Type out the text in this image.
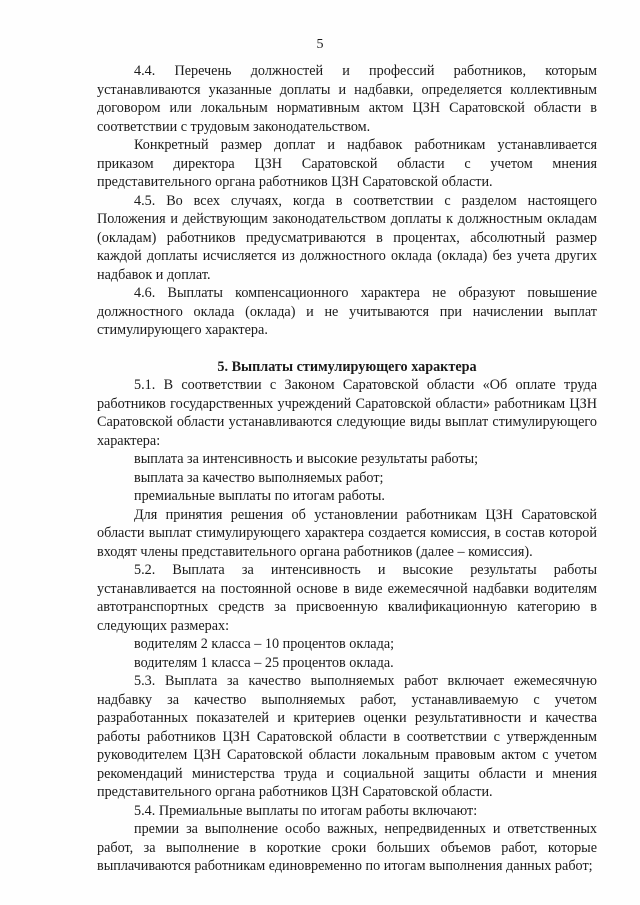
5

4.4. Перечень должностей и профессий работников, которым устанавливаются указанные доплаты и надбавки, определяется коллективным договором или локальным нормативным актом ЦЗН Саратовской области в соответствии с трудовым законодательством.

Конкретный размер доплат и надбавок работникам устанавливается приказом директора ЦЗН Саратовской области с учетом мнения представительного органа работников ЦЗН Саратовской области.

4.5. Во всех случаях, когда в соответствии с разделом настоящего Положения и действующим законодательством доплаты к должностным окладам (окладам) работников предусматриваются в процентах, абсолютный размер каждой доплаты исчисляется из должностного оклада (оклада) без учета других надбавок и доплат.

4.6. Выплаты компенсационного характера не образуют повышение должностного оклада (оклада) и не учитываются при начислении выплат стимулирующего характера.

5. Выплаты стимулирующего характера

5.1. В соответствии с Законом Саратовской области «Об оплате труда работников государственных учреждений Саратовской области» работникам ЦЗН Саратовской области устанавливаются следующие виды выплат стимулирующего характера:

выплата за интенсивность и высокие результаты работы;

выплата за качество выполняемых работ;

премиальные выплаты по итогам работы.

Для принятия решения об установлении работникам ЦЗН Саратовской области выплат стимулирующего характера создается комиссия, в состав которой входят члены представительного органа работников (далее – комиссия).

5.2. Выплата за интенсивность и высокие результаты работы устанавливается на постоянной основе в виде ежемесячной надбавки водителям автотранспортных средств за присвоенную квалификационную категорию в следующих размерах:

водителям 2 класса – 10 процентов оклада;

водителям 1 класса – 25 процентов оклада.

5.3. Выплата за качество выполняемых работ включает ежемесячную надбавку за качество выполняемых работ, устанавливаемую с учетом разработанных показателей и критериев оценки результативности и качества работы работников ЦЗН Саратовской области в соответствии с утвержденным руководителем ЦЗН Саратовской области локальным правовым актом с учетом рекомендаций министерства труда и социальной защиты области и мнения представительного органа работников ЦЗН Саратовской области.

5.4. Премиальные выплаты по итогам работы включают:

премии за выполнение особо важных, непредвиденных и ответственных работ, за выполнение в короткие сроки больших объемов работ, которые выплачиваются работникам единовременно по итогам выполнения данных работ;
